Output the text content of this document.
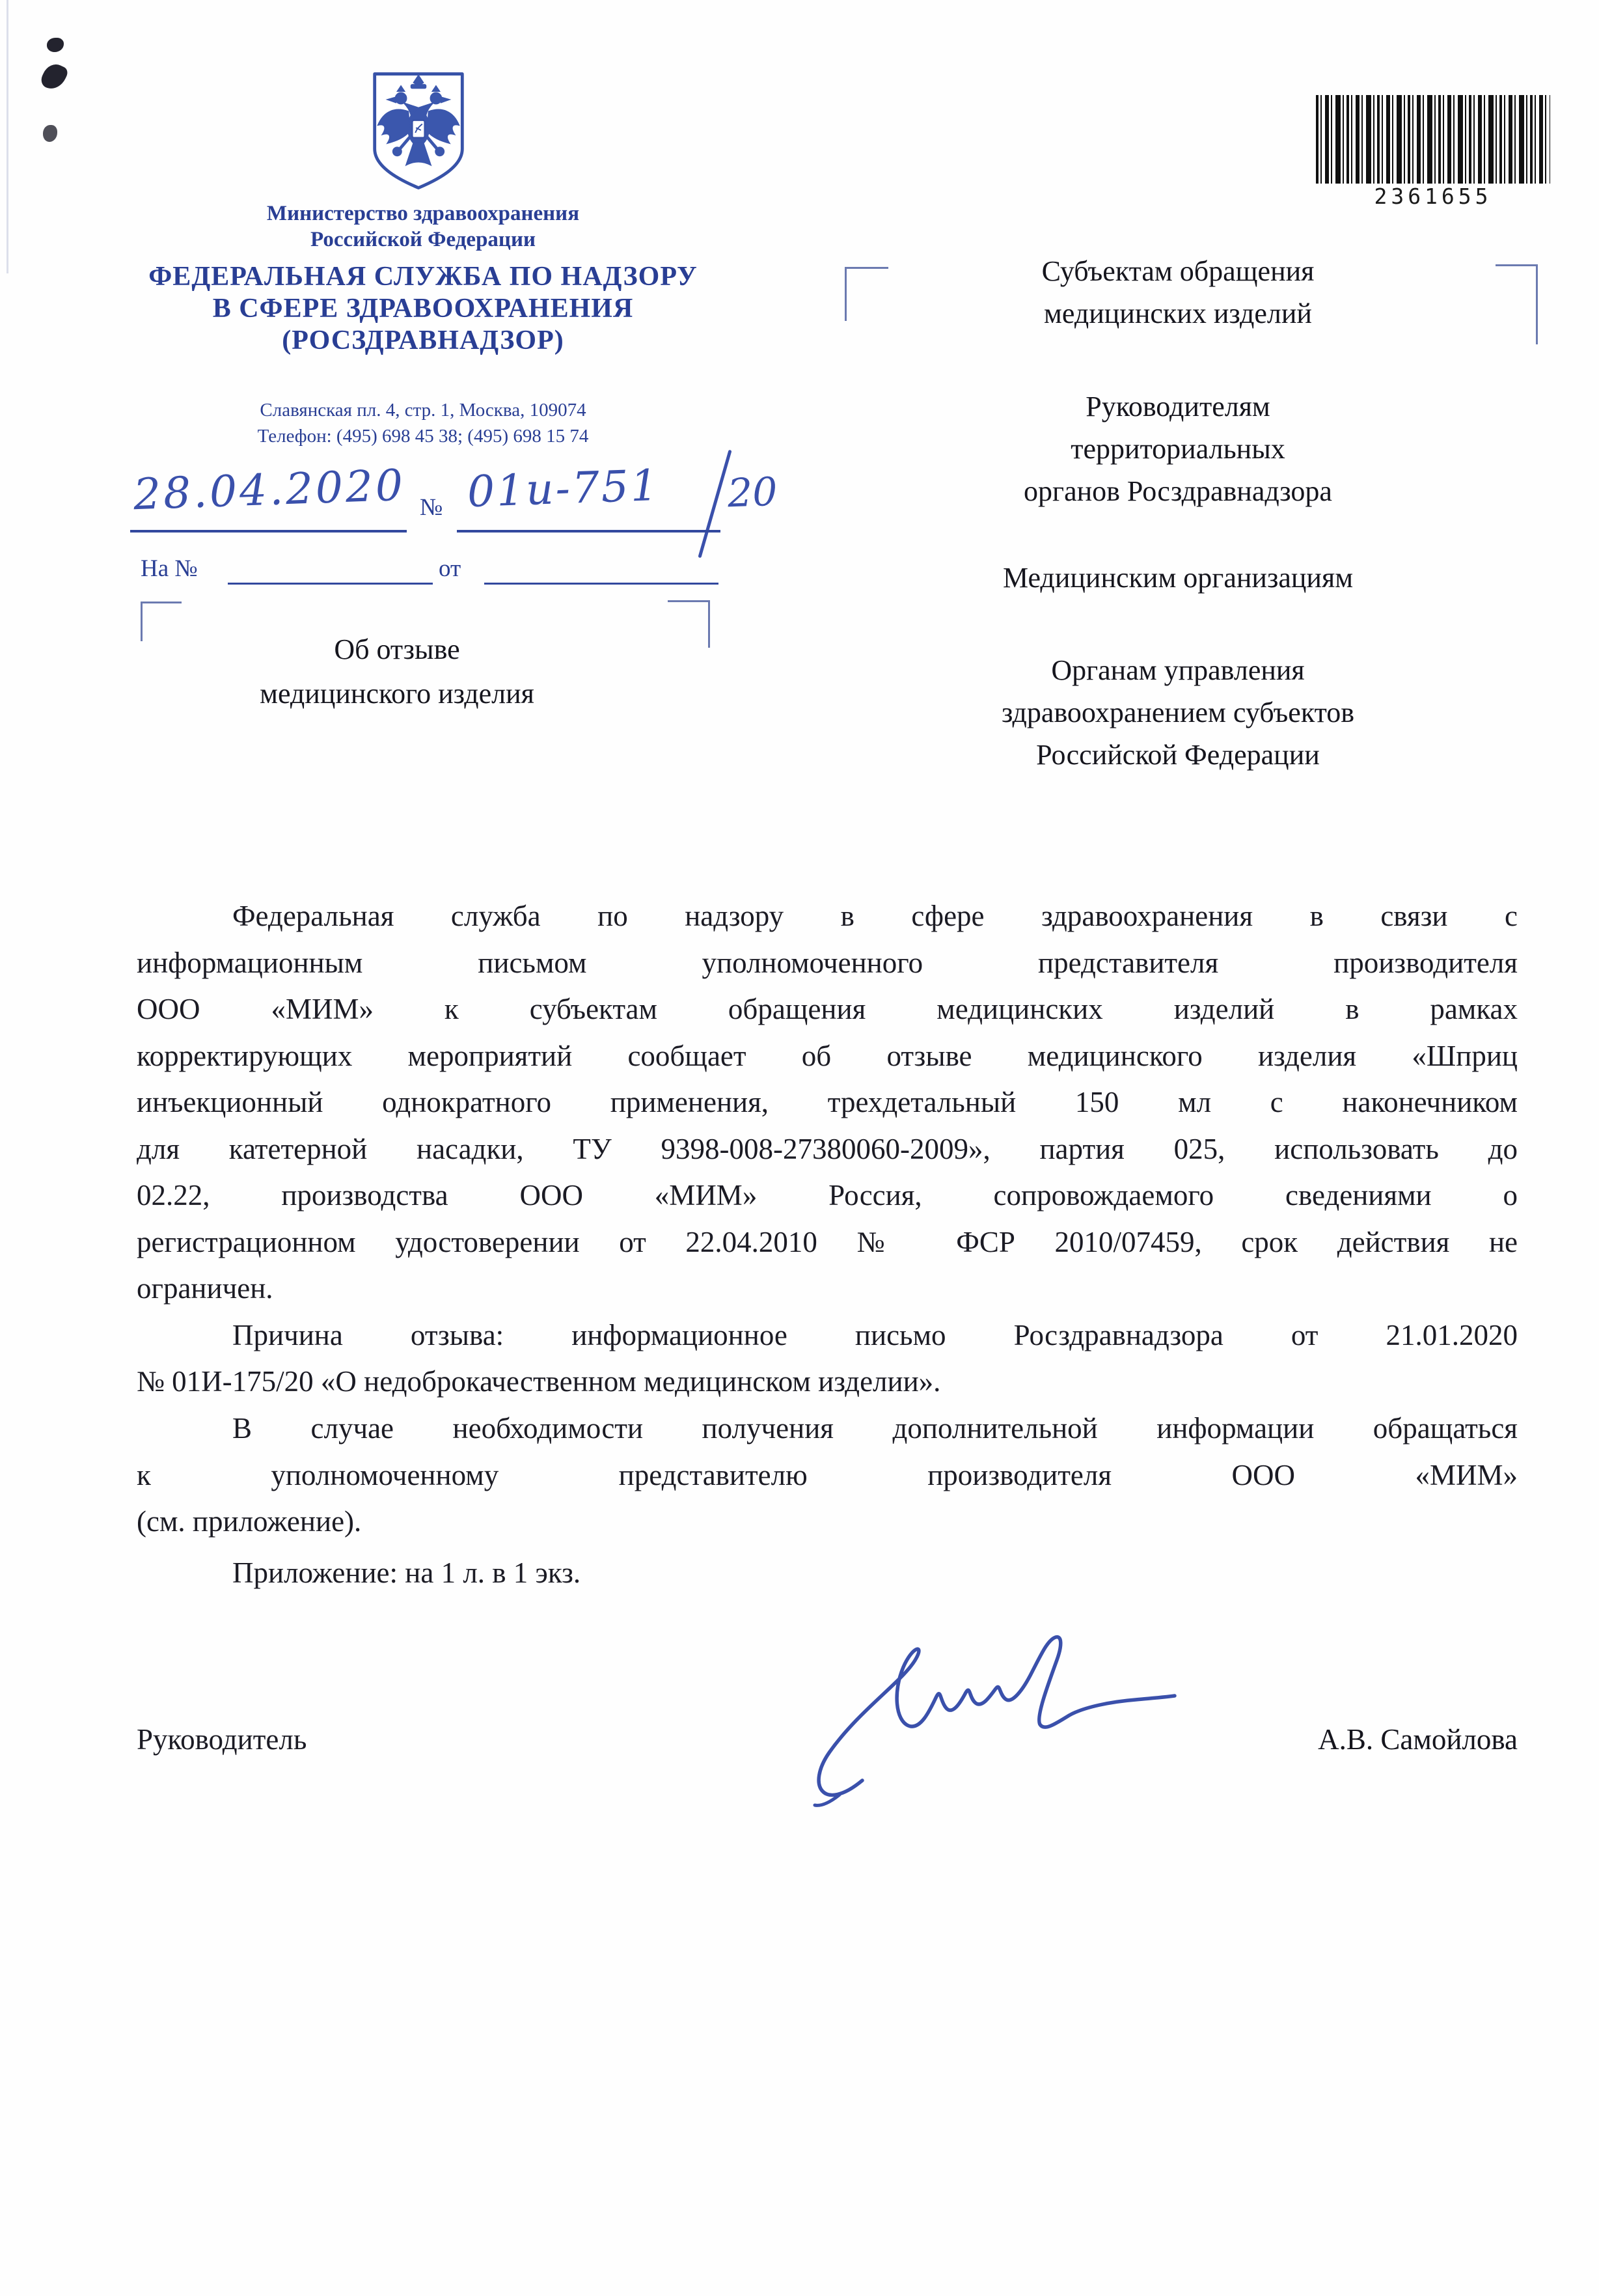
2361655
Министерство здравоохранения
Российской Федерации
ФЕДЕРАЛЬНАЯ СЛУЖБА ПО НАДЗОРУ
В СФЕРЕ ЗДРАВООХРАНЕНИЯ
(РОСЗДРАВНАДЗОР)
Славянская пл. 4, стр. 1, Москва, 109074
Телефон: (495) 698 45 38; (495) 698 15 74
28.04.2020 № 01и-751 20
На №	от
Об отзыве
медицинского изделия
Субъектам обращения
медицинских изделий
Руководителям
территориальных
органов Росздравнадзора
Медицинским организациям
Органам управления
здравоохранением субъектов
Российской Федерации
Федеральная служба по надзору в сфере здравоохранения в связи с
информационным письмом уполномоченного представителя производителя
ООО «МИМ» к субъектам обращения медицинских изделий в рамках
корректирующих мероприятий сообщает об отзыве медицинского изделия «Шприц
инъекционный однократного применения, трехдетальный 150 мл с наконечником
для катетерной насадки, ТУ 9398-008-27380060-2009», партия 025, использовать до
02.22, производства ООО «МИМ» Россия, сопровождаемого сведениями о
регистрационном удостоверении от 22.04.2010 № ФСР 2010/07459, срок действия не
ограничен.
Причина отзыва: информационное письмо Росздравнадзора от 21.01.2020
№ 01И-175/20 «О недоброкачественном медицинском изделии».
В случае необходимости получения дополнительной информации обращаться
к уполномоченному представителю производителя ООО «МИМ»
(см. приложение).
Приложение: на 1 л. в 1 экз.
Руководитель	А.В. Самойлова
